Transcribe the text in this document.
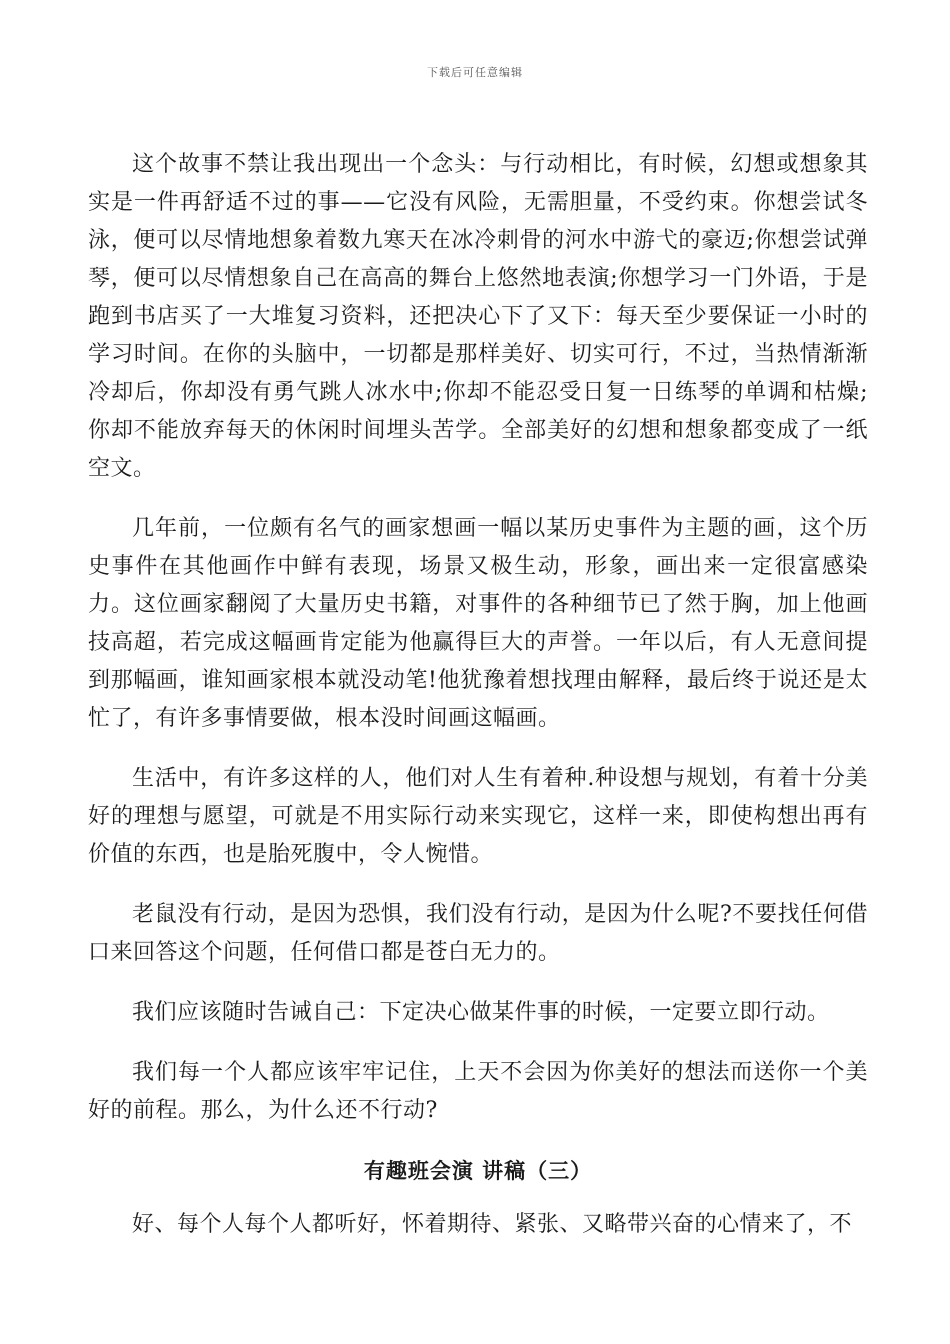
下载后可任意编辑

这个故事不禁让我出现出一个念头：与行动相比，有时候，幻想或想象其实是一件再舒适不过的事——它没有风险，无需胆量，不受约束。你想尝试冬泳，便可以尽情地想象着数九寒天在冰冷刺骨的河水中游弋的豪迈;你想尝试弹琴，便可以尽情想象自己在高高的舞台上悠然地表演;你想学习一门外语，于是跑到书店买了一大堆复习资料，还把决心下了又下：每天至少要保证一小时的学习时间。在你的头脑中，一切都是那样美好、切实可行，不过，当热情渐渐冷却后，你却没有勇气跳人冰水中;你却不能忍受日复一日练琴的单调和枯燥;你却不能放弃每天的休闲时间埋头苦学。全部美好的幻想和想象都变成了一纸空文。

几年前，一位颇有名气的画家想画一幅以某历史事件为主题的画，这个历史事件在其他画作中鲜有表现，场景又极生动，形象，画出来一定很富感染力。这位画家翻阅了大量历史书籍，对事件的各种细节已了然于胸，加上他画技高超，若完成这幅画肯定能为他赢得巨大的声誉。一年以后，有人无意间提到那幅画，谁知画家根本就没动笔!他犹豫着想找理由解释，最后终于说还是太忙了，有许多事情要做，根本没时间画这幅画。

生活中，有许多这样的人，他们对人生有着种.种设想与规划，有着十分美好的理想与愿望，可就是不用实际行动来实现它，这样一来，即使构想出再有价值的东西，也是胎死腹中，令人惋惜。

老鼠没有行动，是因为恐惧，我们没有行动，是因为什么呢?不要找任何借口来回答这个问题，任何借口都是苍白无力的。

我们应该随时告诫自己：下定决心做某件事的时候，一定要立即行动。

我们每一个人都应该牢牢记住，上天不会因为你美好的想法而送你一个美好的前程。那么，为什么还不行动?

有趣班会演 讲稿（三）

好、每个人每个人都听好，怀着期待、紧张、又略带兴奋的心情来了，不
